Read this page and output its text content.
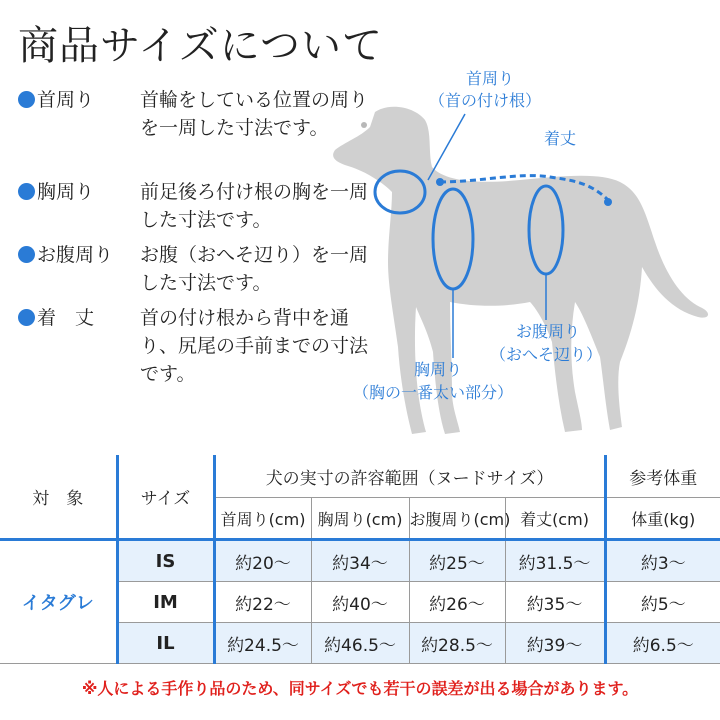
商品サイズについて
首周り 首輪をしている位置の周りを一周した寸法です。
胸周り 前足後ろ付け根の胸を一周した寸法です。
お腹周り お腹（おへそ辺り）を一周した寸法です。
着　丈 首の付け根から背中を通り、尻尾の手前までの寸法です。
首周り
（首の付け根）
着丈
お腹周り
（おへそ辺り）
胸周り
（胸の一番太い部分）
対　象	サイズ	犬の実寸の許容範囲（ヌードサイズ）				参考体重
		首周り(cm)	胸周り(cm)	お腹周り(cm)	着丈(cm)	体重(kg)
イタグレ	IS	約20～	約34～	約25～	約31.5～	約3～
	IM	約22～	約40～	約26～	約35～	約5～
	IL	約24.5～	約46.5～	約28.5～	約39～	約6.5～
※人による手作り品のため、同サイズでも若干の誤差が出る場合があります。
